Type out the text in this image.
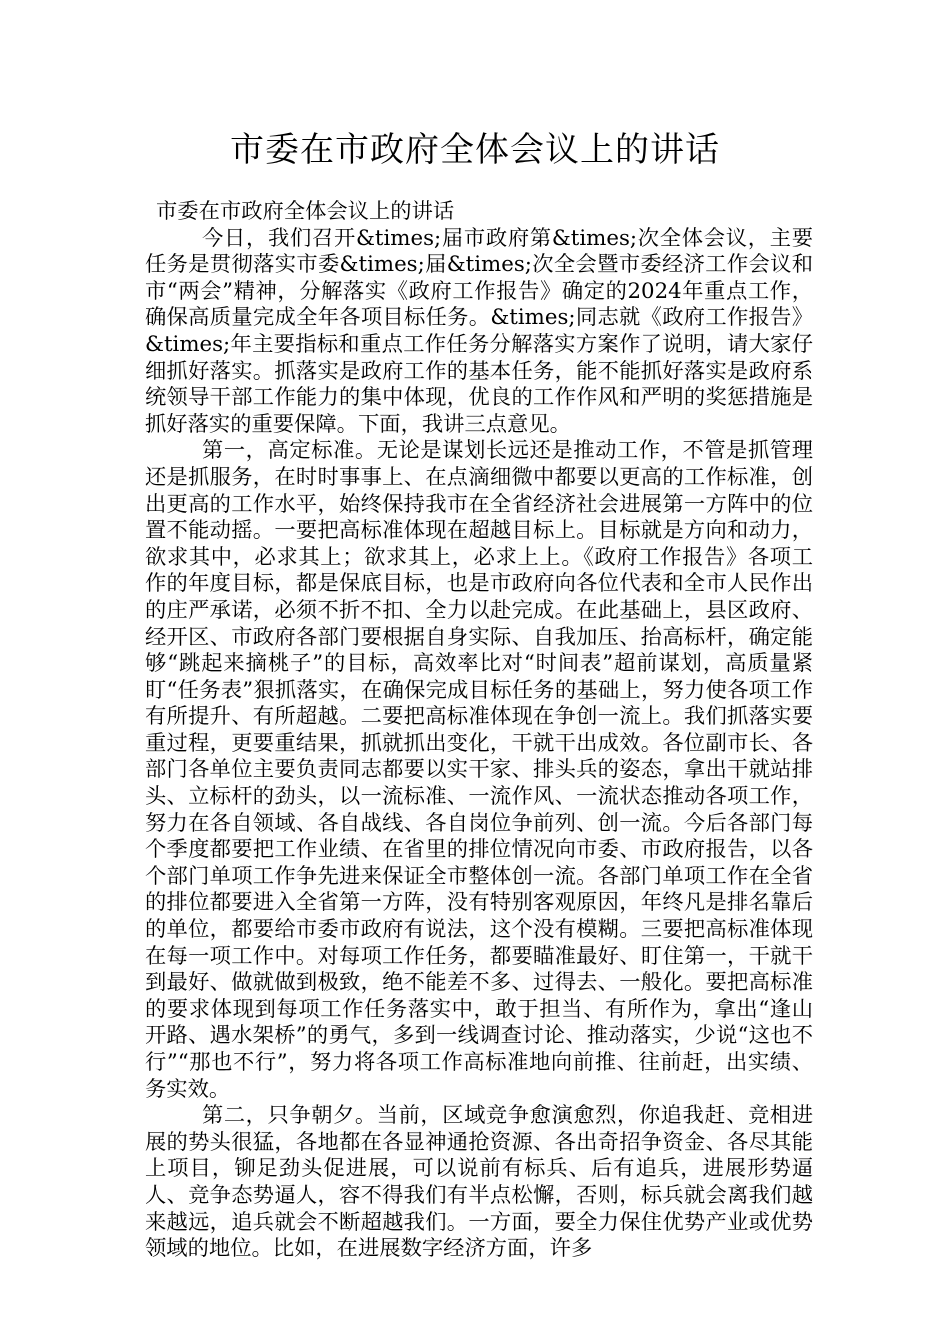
市委在市政府全体会议上的讲话

市委在市政府全体会议上的讲话

今日，我们召开&times;届市政府第&times;次全体会议，主要任务是贯彻落实市委&times;届&times;次全会暨市委经济工作会议和市“两会”精神，分解落实《政府工作报告》确定的2024年重点工作，确保高质量完成全年各项目标任务。&times;同志就《政府工作报告》&times;年主要指标和重点工作任务分解落实方案作了说明，请大家仔细抓好落实。抓落实是政府工作的基本任务，能不能抓好落实是政府系统领导干部工作能力的集中体现，优良的工作作风和严明的奖惩措施是抓好落实的重要保障。下面，我讲三点意见。

第一，高定标准。无论是谋划长远还是推动工作，不管是抓管理还是抓服务，在时时事事上、在点滴细微中都要以更高的工作标准，创出更高的工作水平，始终保持我市在全省经济社会进展第一方阵中的位置不能动摇。一要把高标准体现在超越目标上。目标就是方向和动力，欲求其中，必求其上；欲求其上，必求上上。《政府工作报告》各项工作的年度目标，都是保底目标，也是市政府向各位代表和全市人民作出的庄严承诺，必须不折不扣、全力以赴完成。在此基础上，县区政府、经开区、市政府各部门要根据自身实际、自我加压、抬高标杆，确定能够“跳起来摘桃子”的目标，高效率比对“时间表”超前谋划，高质量紧盯“任务表”狠抓落实，在确保完成目标任务的基础上，努力使各项工作有所提升、有所超越。二要把高标准体现在争创一流上。我们抓落实要重过程，更要重结果，抓就抓出变化，干就干出成效。各位副市长、各部门各单位主要负责同志都要以实干家、排头兵的姿态，拿出干就站排头、立标杆的劲头，以一流标准、一流作风、一流状态推动各项工作，努力在各自领域、各自战线、各自岗位争前列、创一流。今后各部门每个季度都要把工作业绩、在省里的排位情况向市委、市政府报告，以各个部门单项工作争先进来保证全市整体创一流。各部门单项工作在全省的排位都要进入全省第一方阵，没有特别客观原因，年终凡是排名靠后的单位，都要给市委市政府有说法，这个没有模糊。三要把高标准体现在每一项工作中。对每项工作任务，都要瞄准最好、盯住第一，干就干到最好、做就做到极致，绝不能差不多、过得去、一般化。要把高标准的要求体现到每项工作任务落实中，敢于担当、有所作为，拿出“逢山开路、遇水架桥”的勇气，多到一线调查讨论、推动落实，少说“这也不行”“那也不行”，努力将各项工作高标准地向前推、往前赶，出实绩、务实效。

第二，只争朝夕。当前，区域竞争愈演愈烈，你追我赶、竞相进展的势头很猛，各地都在各显神通抢资源、各出奇招争资金、各尽其能上项目，铆足劲头促进展，可以说前有标兵、后有追兵，进展形势逼人、竞争态势逼人，容不得我们有半点松懈，否则，标兵就会离我们越来越远，追兵就会不断超越我们。一方面，要全力保住优势产业或优势领域的地位。比如，在进展数字经济方面，许多
